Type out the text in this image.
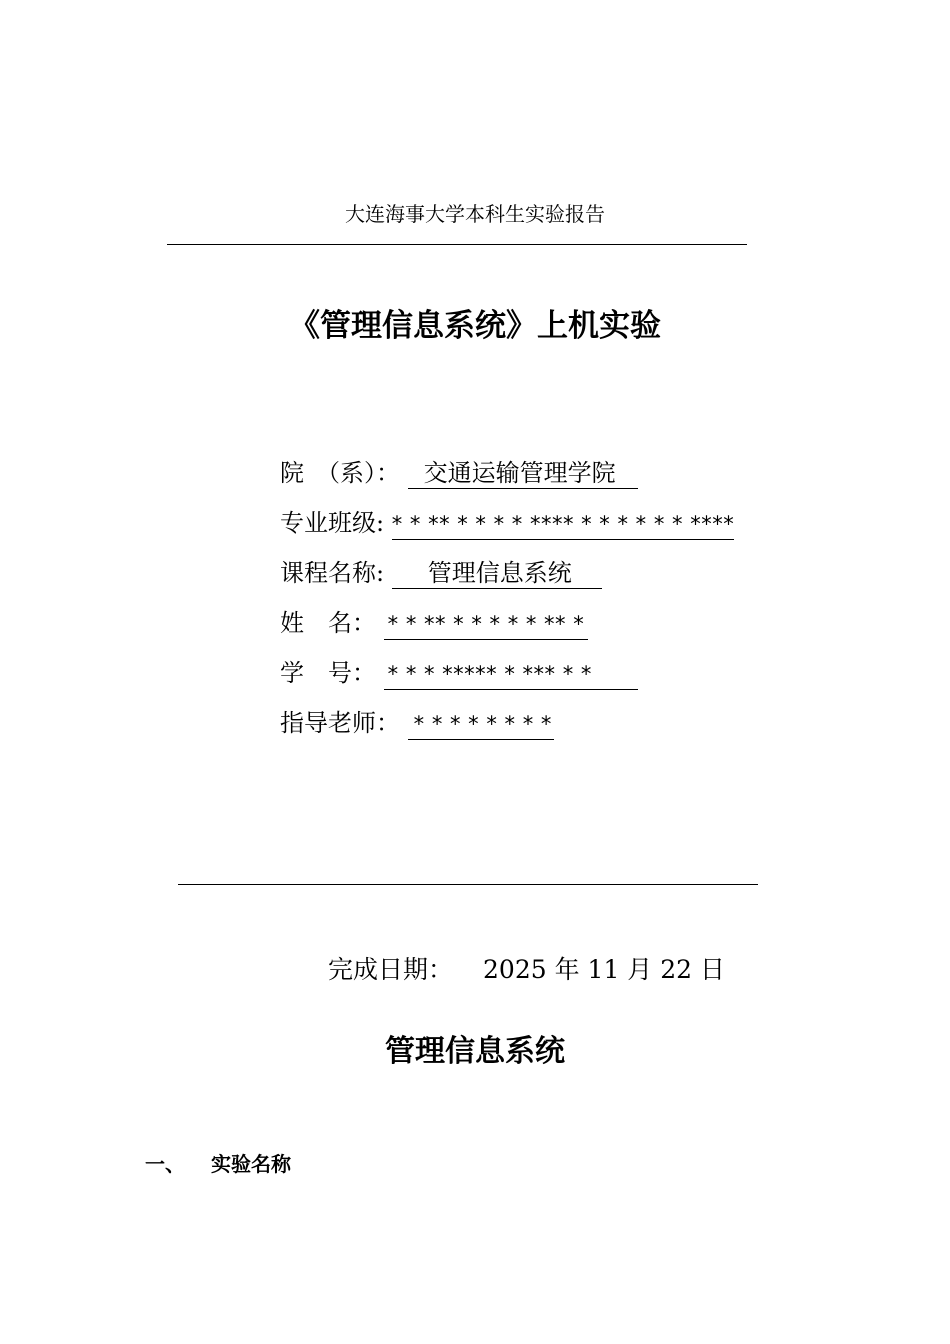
大连海事大学本科生实验报告
《管理信息系统》上机实验
院　（系）： 交通运输管理学院
专业班级: * * ** * * * * **** * * * * * * ****
课程名称: 管理信息系统
姓　名： * * ** * * * * * ** *
学　号： * * * ***** * *** * *
指导老师： * * * * * * * *
完成日期： 2025 年 11 月 22 日
管理信息系统
一、 实验名称
